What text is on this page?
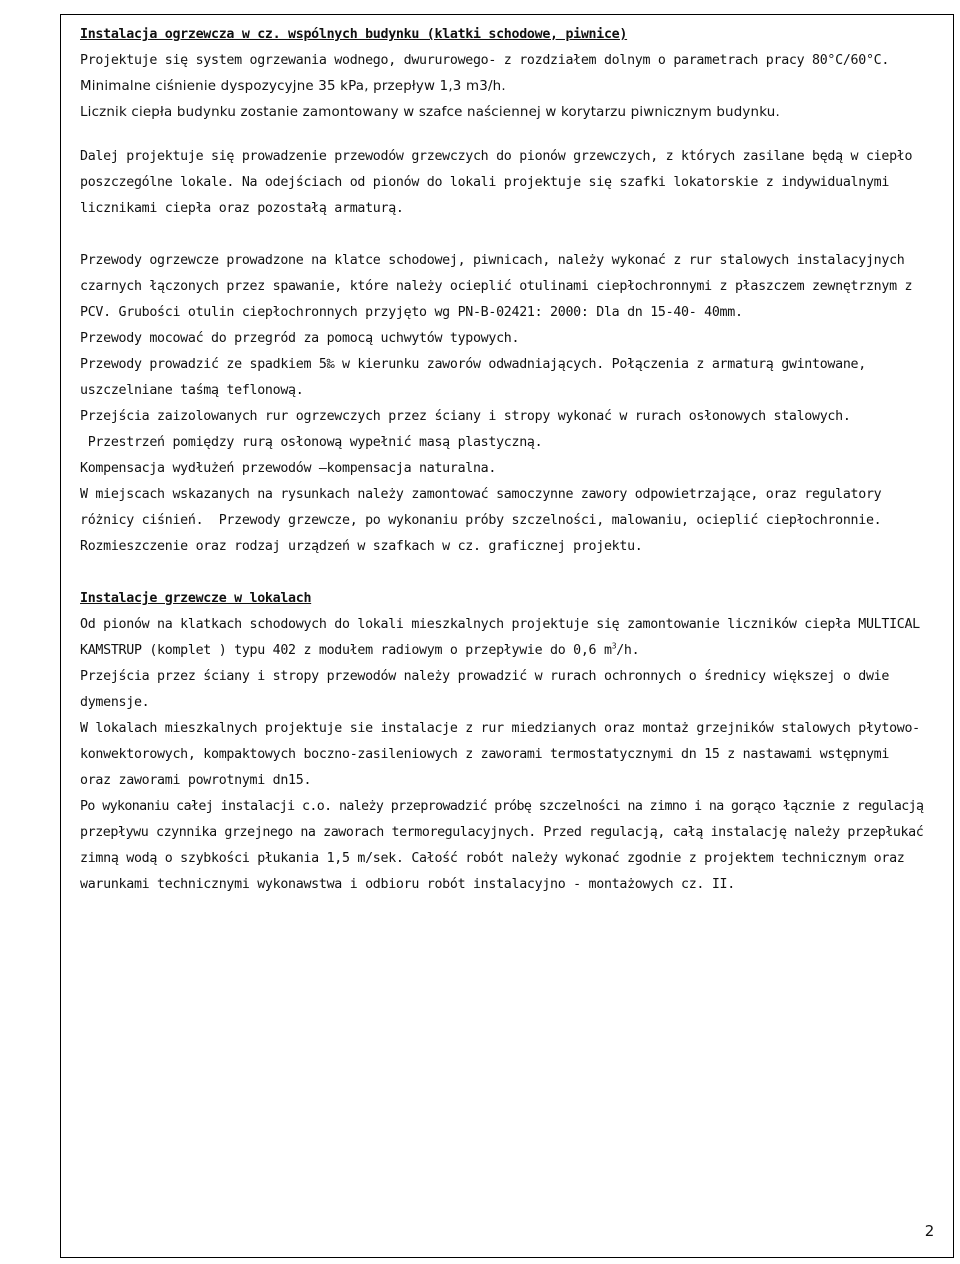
Instalacja ogrzewcza w cz. wspólnych budynku (klatki schodowe, piwnice)

Projektuje się system ogrzewania wodnego, dwururowego- z rozdziałem dolnym o parametrach pracy 80°C/60°C.

Minimalne ciśnienie dyspozycyjne 35 kPa, przepływ 1,3 m3/h.

Licznik ciepła budynku zostanie zamontowany w szafce naściennej w korytarzu piwnicznym budynku.

Dalej projektuje się prowadzenie przewodów grzewczych do pionów grzewczych, z których zasilane będą w ciepło

poszczególne lokale. Na odejściach od pionów do lokali projektuje się szafki lokatorskie z indywidualnymi

licznikami ciepła oraz pozostałą armaturą.

Przewody ogrzewcze prowadzone na klatce schodowej, piwnicach, należy wykonać z rur stalowych instalacyjnych

czarnych łączonych przez spawanie, które należy ocieplić otulinami ciepłochronnymi z płaszczem zewnętrznym z

PCV. Grubości otulin ciepłochronnych przyjęto wg PN-B-02421: 2000: Dla dn 15-40- 40mm.

Przewody mocować do przegród za pomocą uchwytów typowych.

Przewody prowadzić ze spadkiem 5‰ w kierunku zaworów odwadniających. Połączenia z armaturą gwintowane,

uszczelniane taśmą teflonową.

Przejścia zaizolowanych rur ogrzewczych przez ściany i stropy wykonać w rurach osłonowych stalowych.

Przestrzeń pomiędzy rurą osłonową wypełnić masą plastyczną.

Kompensacja wydłużeń przewodów –kompensacja naturalna.

W miejscach wskazanych na rysunkach należy zamontować samoczynne zawory odpowietrzające, oraz regulatory

różnicy ciśnień.  Przewody grzewcze, po wykonaniu próby szczelności, malowaniu, ocieplić ciepłochronnie.

Rozmieszczenie oraz rodzaj urządzeń w szafkach w cz. graficznej projektu.

Instalacje grzewcze w lokalach

Od pionów na klatkach schodowych do lokali mieszkalnych projektuje się zamontowanie liczników ciepła MULTICAL

KAMSTRUP (komplet ) typu 402 z modułem radiowym o przepływie do 0,6 $m^3/h$.

Przejścia przez ściany i stropy przewodów należy prowadzić w rurach ochronnych o średnicy większej o dwie

dymensje.

W lokalach mieszkalnych projektuje sie instalacje z rur miedzianych oraz montaż grzejników stalowych płytowo-

konwektorowych, kompaktowych boczno-zasileniowych z zaworami termostatycznymi dn 15 z nastawami wstępnymi

oraz zaworami powrotnymi dn15.

Po wykonaniu całej instalacji c.o. należy przeprowadzić próbę szczelności na zimno i na gorąco łącznie z regulacją

przepływu czynnika grzejnego na zaworach termoregulacyjnych. Przed regulacją, całą instalację należy przepłukać

zimną wodą o szybkości płukania 1,5 m/sek. Całość robót należy wykonać zgodnie z projektem technicznym oraz

warunkami technicznymi wykonawstwa i odbioru robót instalacyjno - montażowych cz. II.

2
